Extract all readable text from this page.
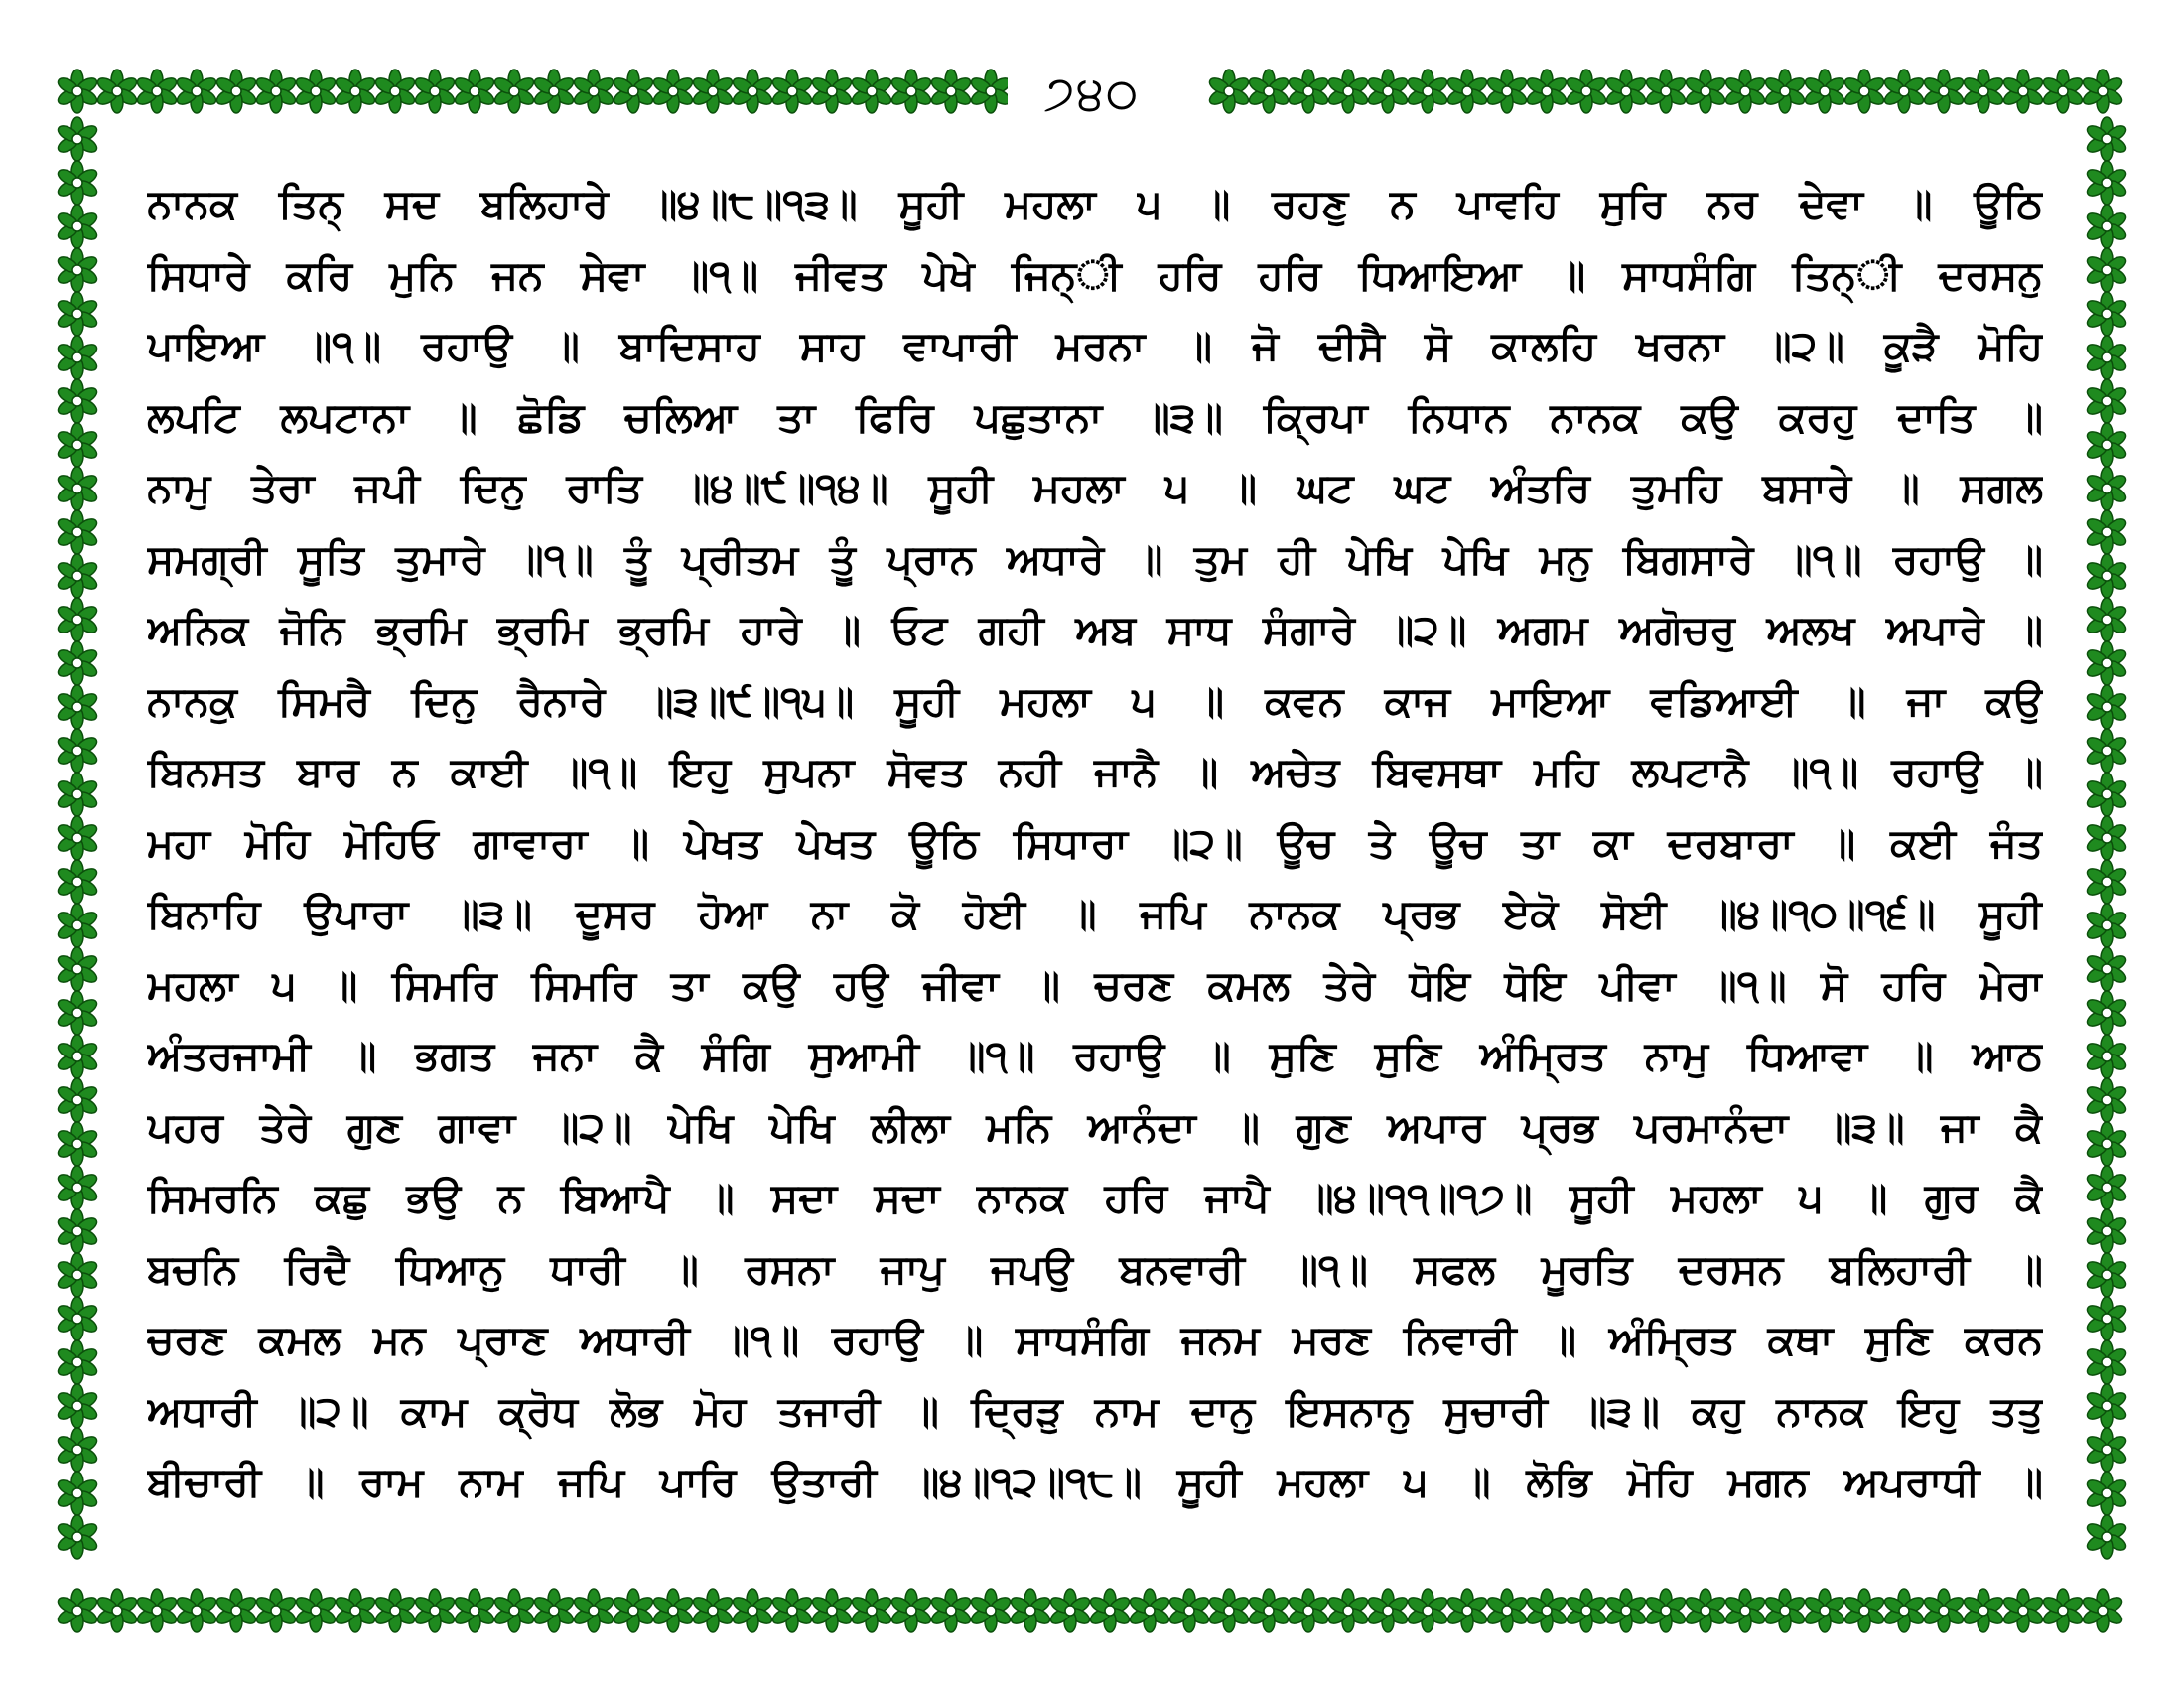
੭੪੦
ਨਾਨਕ ਤਿਨ੍ ਸਦ ਬਲਿਹਾਰੇ ॥੪॥੮॥੧੩॥ ਸੂਹੀ ਮਹਲਾ ੫ ॥ ਰਹਣੁ ਨ ਪਾਵਹਿ ਸੁਰਿ ਨਰ ਦੇਵਾ ॥ ਊਠਿ
ਸਿਧਾਰੇ ਕਰਿ ਮੁਨਿ ਜਨ ਸੇਵਾ ॥੧॥ ਜੀਵਤ ਪੇਖੇ ਜਿਨ੍ੀ ਹਰਿ ਹਰਿ ਧਿਆਇਆ ॥ ਸਾਧਸੰਗਿ ਤਿਨ੍ੀ ਦਰਸਨੁ
ਪਾਇਆ ॥੧॥ ਰਹਾਉ ॥ ਬਾਦਿਸਾਹ ਸਾਹ ਵਾਪਾਰੀ ਮਰਨਾ ॥ ਜੋ ਦੀਸੈ ਸੋ ਕਾਲਹਿ ਖਰਨਾ ॥੨॥ ਕੂੜੈ ਮੋਹਿ
ਲਪਟਿ ਲਪਟਾਨਾ ॥ ਛੋਡਿ ਚਲਿਆ ਤਾ ਫਿਰਿ ਪਛੁਤਾਨਾ ॥੩॥ ਕ੍ਰਿਪਾ ਨਿਧਾਨ ਨਾਨਕ ਕਉ ਕਰਹੁ ਦਾਤਿ ॥
ਨਾਮੁ ਤੇਰਾ ਜਪੀ ਦਿਨੁ ਰਾਤਿ ॥੪॥੯॥੧੪॥ ਸੂਹੀ ਮਹਲਾ ੫ ॥ ਘਟ ਘਟ ਅੰਤਰਿ ਤੁਮਹਿ ਬਸਾਰੇ ॥ ਸਗਲ
ਸਮਗ੍ਰੀ ਸੂਤਿ ਤੁਮਾਰੇ ॥੧॥ ਤੂੰ ਪ੍ਰੀਤਮ ਤੂੰ ਪ੍ਰਾਨ ਅਧਾਰੇ ॥ ਤੁਮ ਹੀ ਪੇਖਿ ਪੇਖਿ ਮਨੁ ਬਿਗਸਾਰੇ ॥੧॥ ਰਹਾਉ ॥
ਅਨਿਕ ਜੋਨਿ ਭ੍ਰਮਿ ਭ੍ਰਮਿ ਭ੍ਰਮਿ ਹਾਰੇ ॥ ਓਟ ਗਹੀ ਅਬ ਸਾਧ ਸੰਗਾਰੇ ॥੨॥ ਅਗਮ ਅਗੋਚਰੁ ਅਲਖ ਅਪਾਰੇ ॥
ਨਾਨਕੁ ਸਿਮਰੈ ਦਿਨੁ ਰੈਨਾਰੇ ॥੩॥੯॥੧੫॥ ਸੂਹੀ ਮਹਲਾ ੫ ॥ ਕਵਨ ਕਾਜ ਮਾਇਆ ਵਡਿਆਈ ॥ ਜਾ ਕਉ
ਬਿਨਸਤ ਬਾਰ ਨ ਕਾਈ ॥੧॥ ਇਹੁ ਸੁਪਨਾ ਸੋਵਤ ਨਹੀ ਜਾਨੈ ॥ ਅਚੇਤ ਬਿਵਸਥਾ ਮਹਿ ਲਪਟਾਨੈ ॥੧॥ ਰਹਾਉ ॥
ਮਹਾ ਮੋਹਿ ਮੋਹਿਓ ਗਾਵਾਰਾ ॥ ਪੇਖਤ ਪੇਖਤ ਊਠਿ ਸਿਧਾਰਾ ॥੨॥ ਊਚ ਤੇ ਊਚ ਤਾ ਕਾ ਦਰਬਾਰਾ ॥ ਕਈ ਜੰਤ
ਬਿਨਾਹਿ ਉਪਾਰਾ ॥੩॥ ਦੂਸਰ ਹੋਆ ਨਾ ਕੋ ਹੋਈ ॥ ਜਪਿ ਨਾਨਕ ਪ੍ਰਭ ਏਕੋ ਸੋਈ ॥੪॥੧੦॥੧੬॥ ਸੂਹੀ
ਮਹਲਾ ੫ ॥ ਸਿਮਰਿ ਸਿਮਰਿ ਤਾ ਕਉ ਹਉ ਜੀਵਾ ॥ ਚਰਣ ਕਮਲ ਤੇਰੇ ਧੋਇ ਧੋਇ ਪੀਵਾ ॥੧॥ ਸੋ ਹਰਿ ਮੇਰਾ
ਅੰਤਰਜਾਮੀ ॥ ਭਗਤ ਜਨਾ ਕੈ ਸੰਗਿ ਸੁਆਮੀ ॥੧॥ ਰਹਾਉ ॥ ਸੁਣਿ ਸੁਣਿ ਅੰਮ੍ਰਿਤ ਨਾਮੁ ਧਿਆਵਾ ॥ ਆਠ
ਪਹਰ ਤੇਰੇ ਗੁਣ ਗਾਵਾ ॥੨॥ ਪੇਖਿ ਪੇਖਿ ਲੀਲਾ ਮਨਿ ਆਨੰਦਾ ॥ ਗੁਣ ਅਪਾਰ ਪ੍ਰਭ ਪਰਮਾਨੰਦਾ ॥੩॥ ਜਾ ਕੈ
ਸਿਮਰਨਿ ਕਛੁ ਭਉ ਨ ਬਿਆਪੈ ॥ ਸਦਾ ਸਦਾ ਨਾਨਕ ਹਰਿ ਜਾਪੈ ॥੪॥੧੧॥੧੭॥ ਸੂਹੀ ਮਹਲਾ ੫ ॥ ਗੁਰ ਕੈ
ਬਚਨਿ ਰਿਦੈ ਧਿਆਨੁ ਧਾਰੀ ॥ ਰਸਨਾ ਜਾਪੁ ਜਪਉ ਬਨਵਾਰੀ ॥੧॥ ਸਫਲ ਮੂਰਤਿ ਦਰਸਨ ਬਲਿਹਾਰੀ ॥
ਚਰਣ ਕਮਲ ਮਨ ਪ੍ਰਾਣ ਅਧਾਰੀ ॥੧॥ ਰਹਾਉ ॥ ਸਾਧਸੰਗਿ ਜਨਮ ਮਰਣ ਨਿਵਾਰੀ ॥ ਅੰਮ੍ਰਿਤ ਕਥਾ ਸੁਣਿ ਕਰਨ
ਅਧਾਰੀ ॥੨॥ ਕਾਮ ਕ੍ਰੋਧ ਲੋਭ ਮੋਹ ਤਜਾਰੀ ॥ ਦ੍ਰਿੜੁ ਨਾਮ ਦਾਨੁ ਇਸਨਾਨੁ ਸੁਚਾਰੀ ॥੩॥ ਕਹੁ ਨਾਨਕ ਇਹੁ ਤਤੁ
ਬੀਚਾਰੀ ॥ ਰਾਮ ਨਾਮ ਜਪਿ ਪਾਰਿ ਉਤਾਰੀ ॥੪॥੧੨॥੧੮॥ ਸੂਹੀ ਮਹਲਾ ੫ ॥ ਲੋਭਿ ਮੋਹਿ ਮਗਨ ਅਪਰਾਧੀ ॥
